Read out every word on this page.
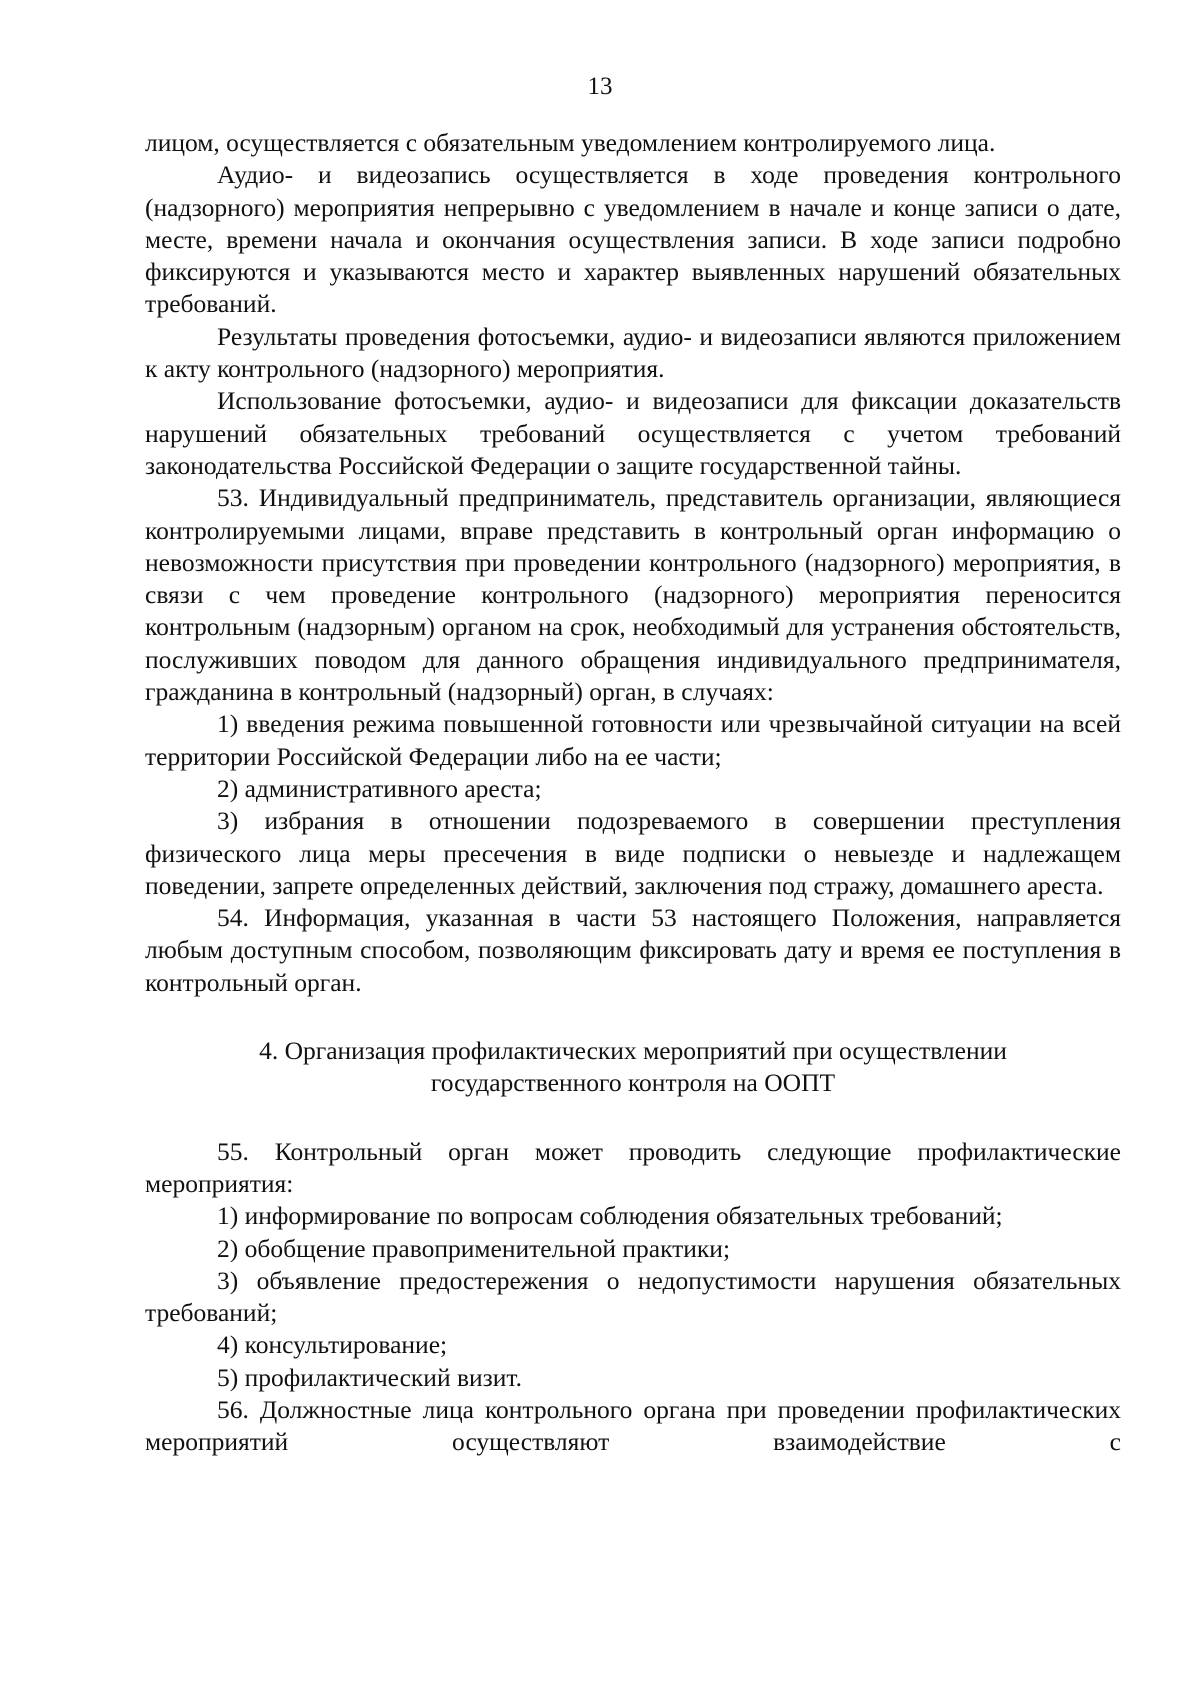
13

лицом, осуществляется с обязательным уведомлением контролируемого лица.

Аудио- и видеозапись осуществляется в ходе проведения контрольного (надзорного) мероприятия непрерывно с уведомлением в начале и конце записи о дате, месте, времени начала и окончания осуществления записи. В ходе записи подробно фиксируются и указываются место и характер выявленных нарушений обязательных требований.

Результаты проведения фотосъемки, аудио- и видеозаписи являются приложением к акту контрольного (надзорного) мероприятия.

Использование фотосъемки, аудио- и видеозаписи для фиксации доказательств нарушений обязательных требований осуществляется с учетом требований законодательства Российской Федерации о защите государственной тайны.

53. Индивидуальный предприниматель, представитель организации, являющиеся контролируемыми лицами, вправе представить в контрольный орган информацию о невозможности присутствия при проведении контрольного (надзорного) мероприятия, в связи с чем проведение контрольного (надзорного) мероприятия переносится контрольным (надзорным) органом на срок, необходимый для устранения обстоятельств, послуживших поводом для данного обращения индивидуального предпринимателя, гражданина в контрольный (надзорный) орган, в случаях:

1) введения режима повышенной готовности или чрезвычайной ситуации на всей территории Российской Федерации либо на ее части;

2) административного ареста;

3) избрания в отношении подозреваемого в совершении преступления физического лица меры пресечения в виде подписки о невыезде и надлежащем поведении, запрете определенных действий, заключения под стражу, домашнего ареста.

54. Информация, указанная в части 53 настоящего Положения, направляется любым доступным способом, позволяющим фиксировать дату и время ее поступления в контрольный орган.

4. Организация профилактических мероприятий при осуществлении государственного контроля на ООПТ

55. Контрольный орган может проводить следующие профилактические мероприятия:

1) информирование по вопросам соблюдения обязательных требований;

2) обобщение правоприменительной практики;

3) объявление предостережения о недопустимости нарушения обязательных требований;

4) консультирование;

5) профилактический визит.

56. Должностные лица контрольного органа при проведении профилактических мероприятий осуществляют взаимодействие с
